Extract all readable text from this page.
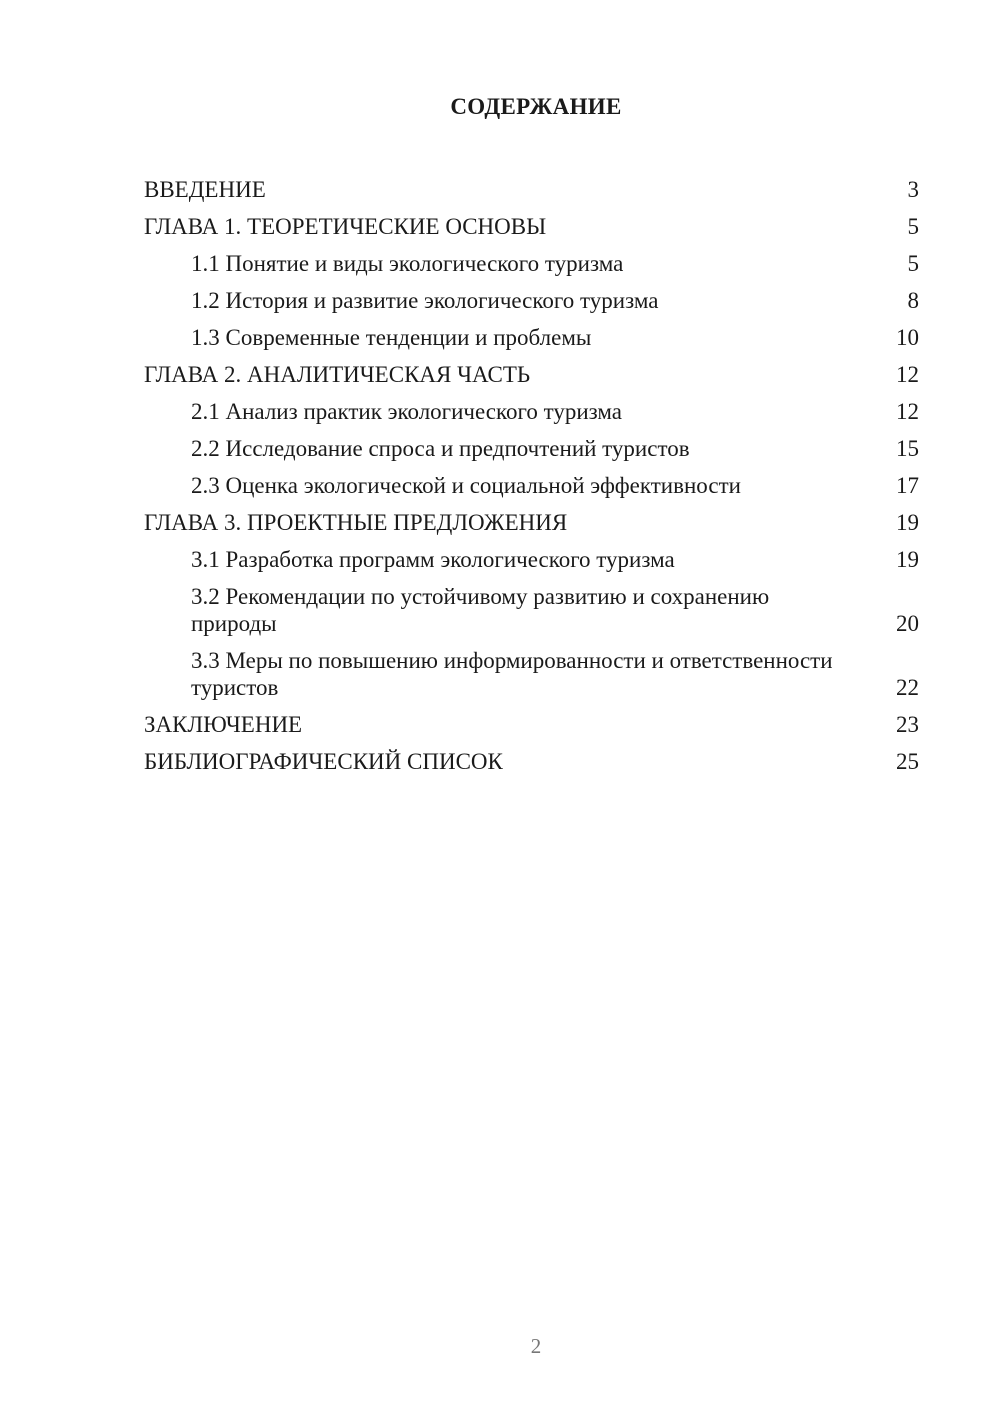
СОДЕРЖАНИЕ
ВВЕДЕНИЕ	3
ГЛАВА 1. ТЕОРЕТИЧЕСКИЕ ОСНОВЫ	5
1.1 Понятие и виды экологического туризма	5
1.2 История и развитие экологического туризма	8
1.3 Современные тенденции и проблемы	10
ГЛАВА 2. АНАЛИТИЧЕСКАЯ ЧАСТЬ	12
2.1 Анализ практик экологического туризма	12
2.2 Исследование спроса и предпочтений туристов	15
2.3 Оценка экологической и социальной эффективности	17
ГЛАВА 3. ПРОЕКТНЫЕ ПРЕДЛОЖЕНИЯ	19
3.1 Разработка программ экологического туризма	19
3.2 Рекомендации по устойчивому развитию и сохранению природы	20
3.3 Меры по повышению информированности и ответственности туристов	22
ЗАКЛЮЧЕНИЕ	23
БИБЛИОГРАФИЧЕСКИЙ СПИСОК	25
2
